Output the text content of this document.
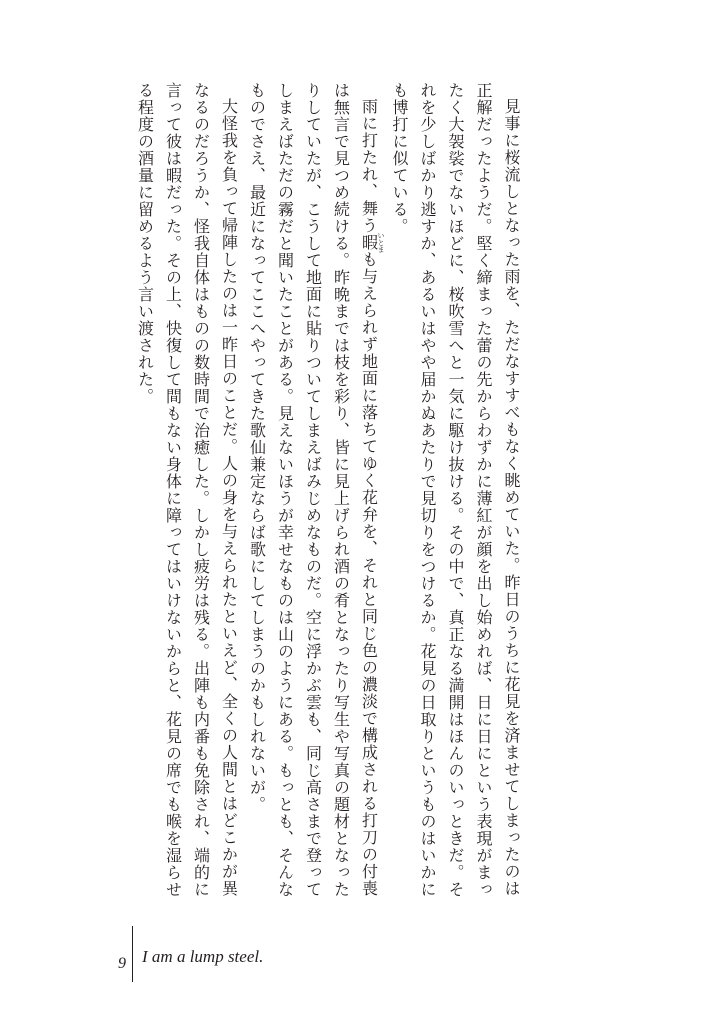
見事に桜流しとなった雨を、ただなすすべもなく眺めていた。昨日のうちに花見を済ませてしまったのは正解だったようだ。堅く締まった蕾の先からわずかに薄紅が顔を出し始めれば、日に日にという表現がまったく大袈裟でないほどに、桜吹雪へと一気に駆け抜ける。その中で、真正なる満開はほんのいっときだ。それを少しばかり逃すか、あるいはやや届かぬあたりで見切りをつけるか。花見の日取りというものはいかにも博打に似ている。

雨に打たれ、舞う暇いとまも与えられず地面に落ちてゆく花弁を、それと同じ色の濃淡で構成される打刀の付喪は無言で見つめ続ける。昨晩までは枝を彩り、皆に見上げられ酒の肴となったり写生や写真の題材となったりしていたが、こうして地面に貼りついてしまえばみじめなものだ。空に浮かぶ雲も、同じ高さまで登ってしまえばただの霧だと聞いたことがある。見えないほうが幸せなものは山のようにある。もっとも、そんなものでさえ、最近になってここへやってきた歌仙兼定ならば歌にしてしまうのかもしれないが。

大怪我を負って帰陣したのは一昨日のことだ。人の身を与えられたといえど、全くの人間とはどこかが異なるのだろうか、怪我自体はものの数時間で治癒した。しかし疲労は残る。出陣も内番も免除され、端的に言って彼は暇だった。その上、快復して間もない身体に障ってはいけないからと、花見の席でも喉を湿らせる程度の酒量に留めるよう言い渡された。

9 I am a lump steel.
